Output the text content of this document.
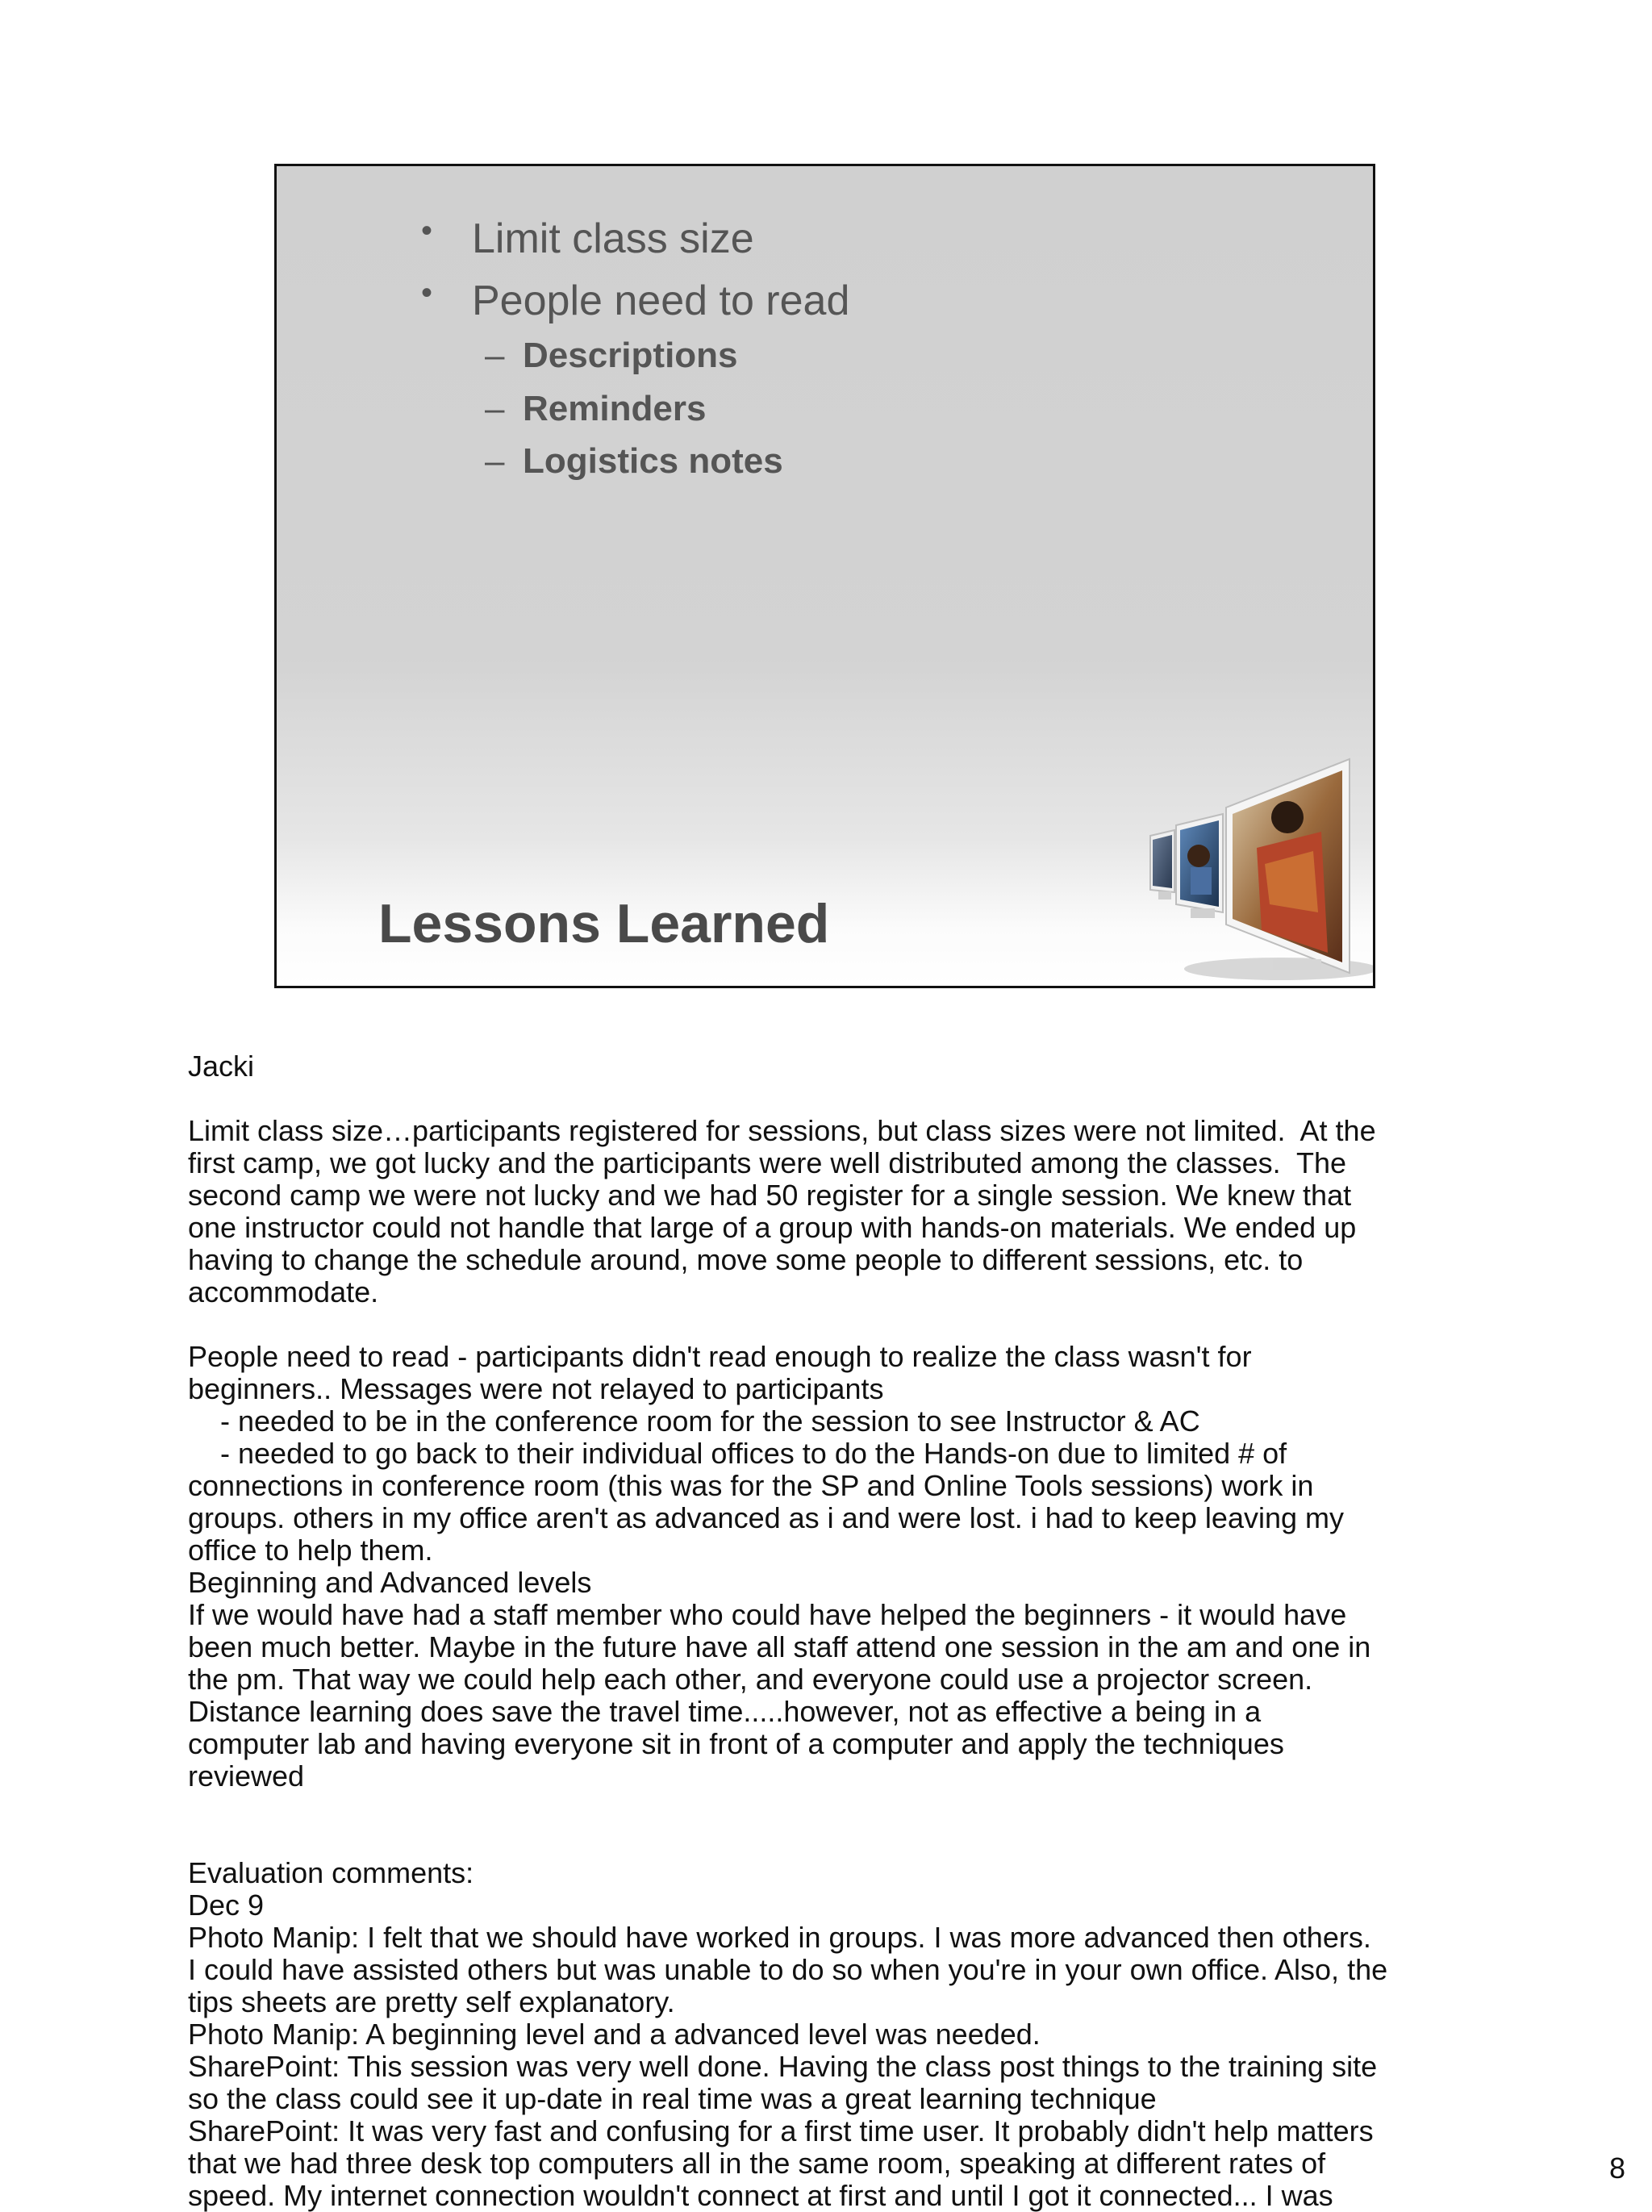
• Limit class size
• People need to read
– Descriptions
– Reminders
– Logistics notes
Lessons Learned
Jacki
Limit class size…participants registered for sessions, but class sizes were not limited.  At the
first camp, we got lucky and the participants were well distributed among the classes.  The
second camp we were not lucky and we had 50 register for a single session. We knew that
one instructor could not handle that large of a group with hands-on materials. We ended up
having to change the schedule around, move some people to different sessions, etc. to
accommodate.
People need to read - participants didn't read enough to realize the class wasn't for
beginners.. Messages were not relayed to participants
- needed to be in the conference room for the session to see Instructor & AC
- needed to go back to their individual offices to do the Hands-on due to limited # of
connections in conference room (this was for the SP and Online Tools sessions) work in
groups. others in my office aren't as advanced as i and were lost. i had to keep leaving my
office to help them.
Beginning and Advanced levels
If we would have had a staff member who could have helped the beginners - it would have
been much better. Maybe in the future have all staff attend one session in the am and one in
the pm. That way we could help each other, and everyone could use a projector screen.
Distance learning does save the travel time.....however, not as effective a being in a
computer lab and having everyone sit in front of a computer and apply the techniques
reviewed
Evaluation comments:
Dec 9
Photo Manip: I felt that we should have worked in groups. I was more advanced then others.
I could have assisted others but was unable to do so when you're in your own office. Also, the
tips sheets are pretty self explanatory.
Photo Manip: A beginning level and a advanced level was needed.
SharePoint: This session was very well done. Having the class post things to the training site
so the class could see it up-date in real time was a great learning technique
SharePoint: It was very fast and confusing for a first time user. It probably didn't help matters
that we had three desk top computers all in the same room, speaking at different rates of
speed. My internet connection wouldn't connect at first and until I got it connected... I was
8
